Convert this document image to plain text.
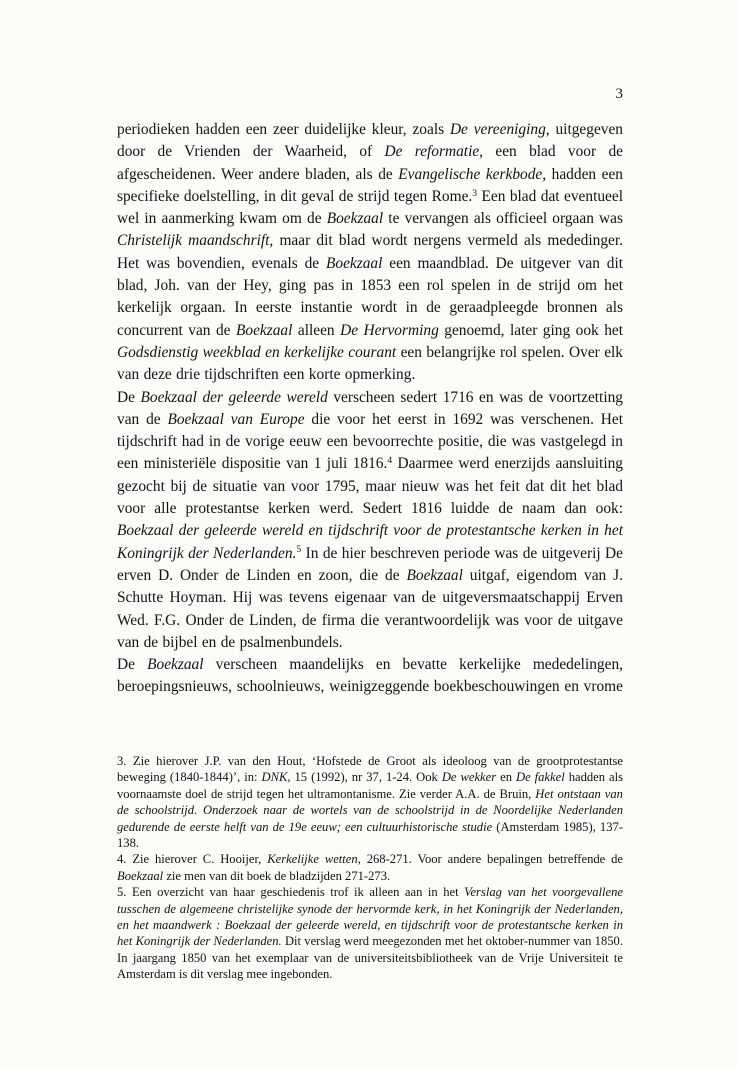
3

periodieken hadden een zeer duidelijke kleur, zoals De vereeniging, uitgegeven door de Vrienden der Waarheid, of De reformatie, een blad voor de afgescheidenen. Weer andere bladen, als de Evangelische kerkbode, hadden een specifieke doelstelling, in dit geval de strijd tegen Rome.$^3$ Een blad dat eventueel wel in aanmerking kwam om de Boekzaal te vervangen als officieel orgaan was Christelijk maandschrift, maar dit blad wordt nergens vermeld als mededinger. Het was bovendien, evenals de Boekzaal een maandblad. De uitgever van dit blad, Joh. van der Hey, ging pas in 1853 een rol spelen in de strijd om het kerkelijk orgaan. In eerste instantie wordt in de geraadpleegde bronnen als concurrent van de Boekzaal alleen De Hervorming genoemd, later ging ook het Godsdienstig weekblad en kerkelijke courant een belangrijke rol spelen. Over elk van deze drie tijdschriften een korte opmerking.

De Boekzaal der geleerde wereld verscheen sedert 1716 en was de voortzetting van de Boekzaal van Europe die voor het eerst in 1692 was verschenen. Het tijdschrift had in de vorige eeuw een bevoorrechte positie, die was vastgelegd in een ministeriële dispositie van 1 juli 1816.$^4$ Daarmee werd enerzijds aansluiting gezocht bij de situatie van voor 1795, maar nieuw was het feit dat dit het blad voor alle protestantse kerken werd. Sedert 1816 luidde de naam dan ook: Boekzaal der geleerde wereld en tijdschrift voor de protestantsche kerken in het Koningrijk der Nederlanden.$^5$ In de hier beschreven periode was de uitgeverij De erven D. Onder de Linden en zoon, die de Boekzaal uitgaf, eigendom van J. Schutte Hoyman. Hij was tevens eigenaar van de uitgeversmaatschappij Erven Wed. F.G. Onder de Linden, de firma die verantwoordelijk was voor de uitgave van de bijbel en de psalmenbundels.

De Boekzaal verscheen maandelijks en bevatte kerkelijke mededelingen, beroepingsnieuws, schoolnieuws, weinigzeggende boekbeschouwingen en vrome

3. Zie hierover J.P. van den Hout, ‘Hofstede de Groot als ideoloog van de grootprotestantse beweging (1840-1844)’, in: DNK, 15 (1992), nr 37, 1-24. Ook De wekker en De fakkel hadden als voornaamste doel de strijd tegen het ultramontanisme. Zie verder A.A. de Bruin, Het ontstaan van de schoolstrijd. Onderzoek naar de wortels van de schoolstrijd in de Noordelijke Nederlanden gedurende de eerste helft van de 19e eeuw; een cultuurhistorische studie (Amsterdam 1985), 137-138.

4. Zie hierover C. Hooijer, Kerkelijke wetten, 268-271. Voor andere bepalingen betreffende de Boekzaal zie men van dit boek de bladzijden 271-273.

5. Een overzicht van haar geschiedenis trof ik alleen aan in het Verslag van het voorgevallene tusschen de algemeene christelijke synode der hervormde kerk, in het Koningrijk der Nederlanden, en het maandwerk : Boekzaal der geleerde wereld, en tijdschrift voor de protestantsche kerken in het Koningrijk der Nederlanden. Dit verslag werd meegezonden met het oktober-nummer van 1850. In jaargang 1850 van het exemplaar van de universiteitsbibliotheek van de Vrije Universiteit te Amsterdam is dit verslag mee ingebonden.
